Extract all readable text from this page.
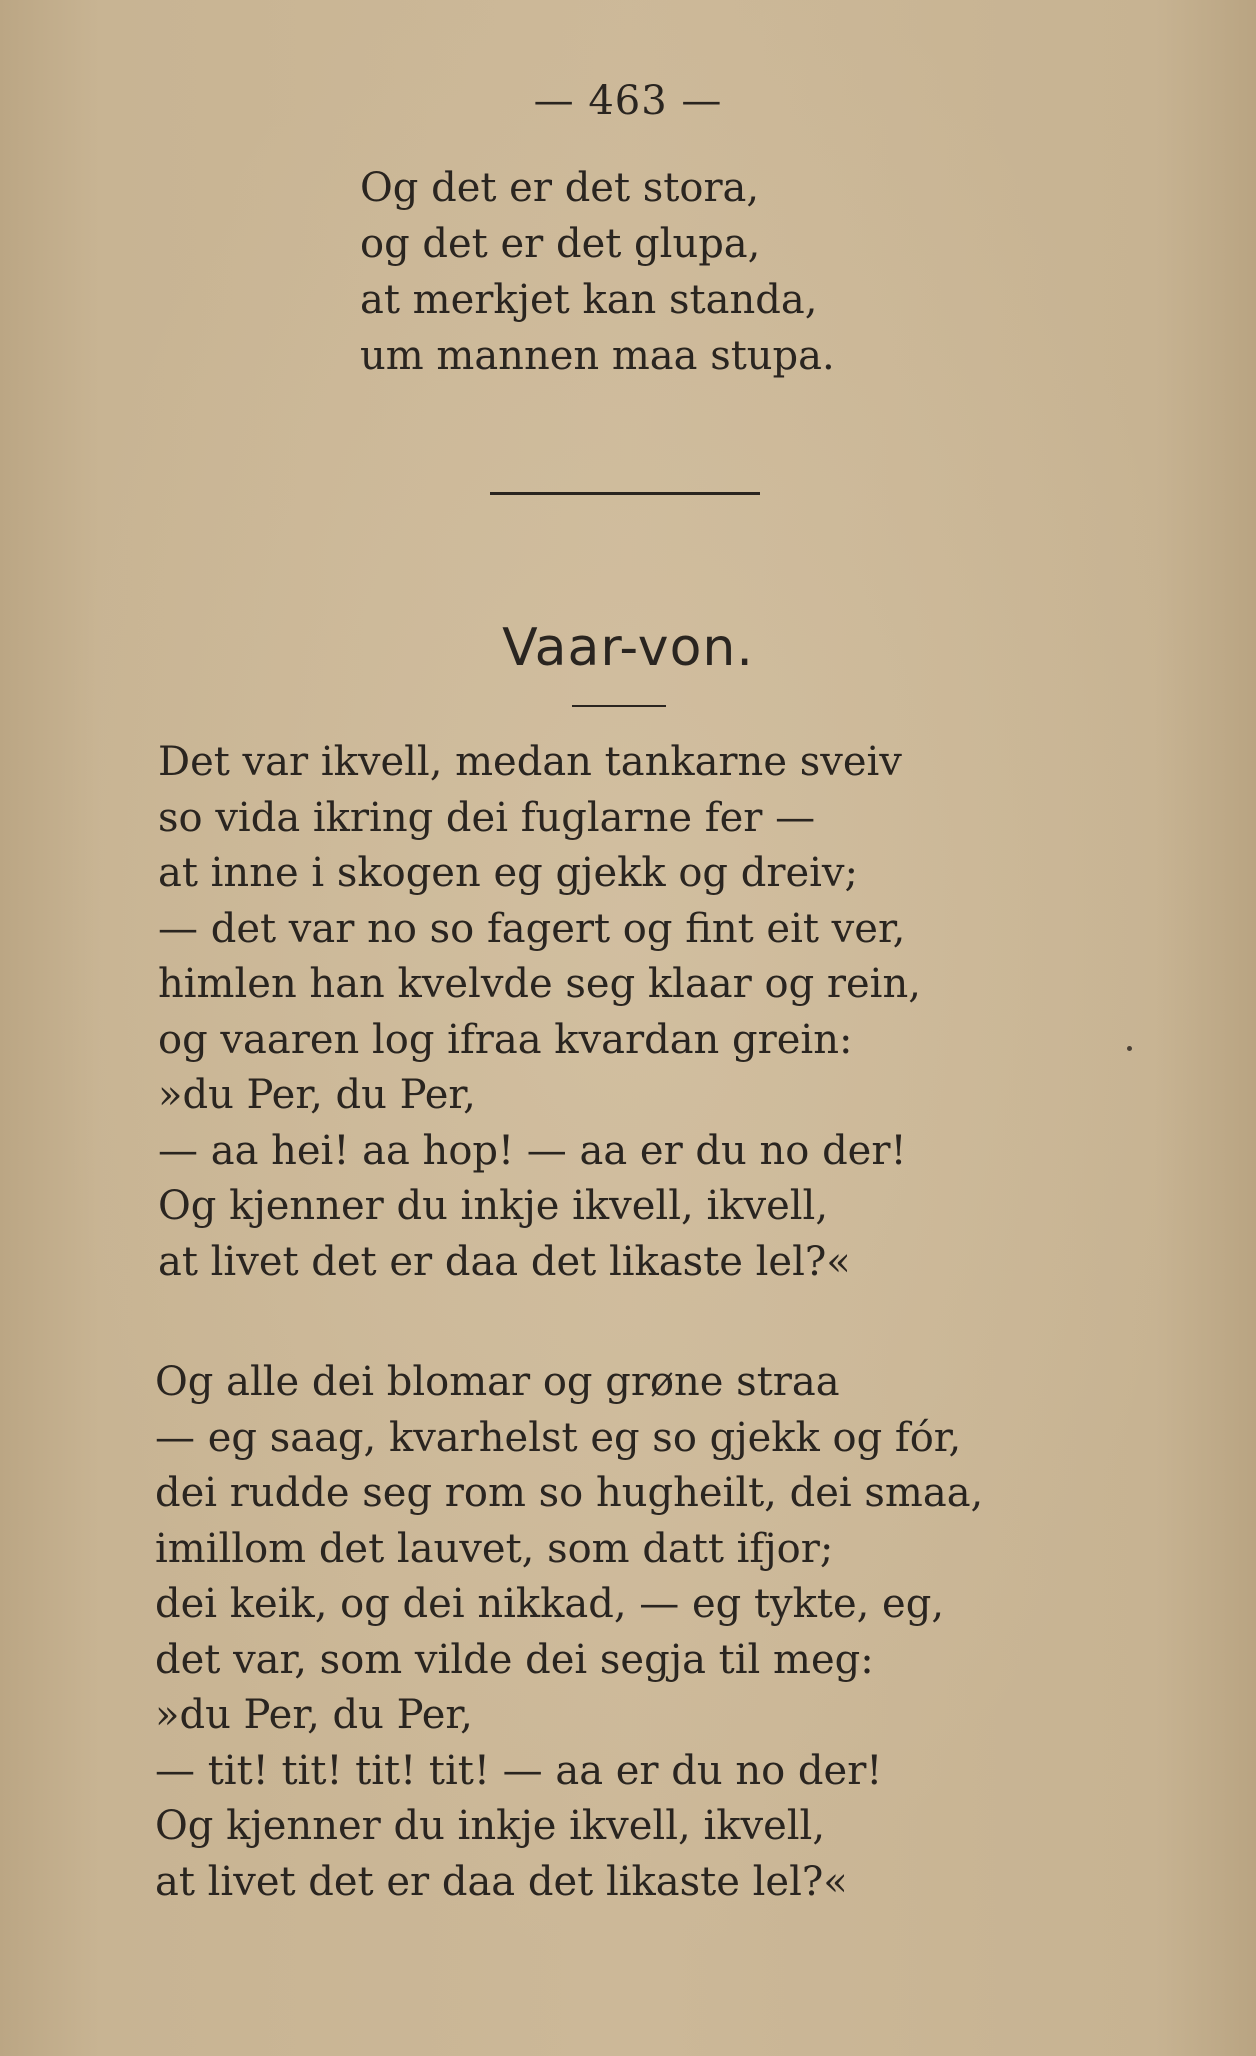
— 463 —
Og det er det stora,
og det er det glupa,
at merkjet kan standa,
um mannen maa stupa.
Vaar-von.
Det var ikvell, medan tankarne sveiv
so vida ikring dei fuglarne fer —
at inne i skogen eg gjekk og dreiv;
— det var no so fagert og fint eit ver,
himlen han kvelvde seg klaar og rein,
og vaaren log ifraa kvardan grein:
»du Per, du Per,
— aa hei! aa hop! — aa er du no der!
Og kjenner du inkje ikvell, ikvell,
at livet det er daa det likaste lel?«
Og alle dei blomar og grøne straa
— eg saag, kvarhelst eg so gjekk og fór,
dei rudde seg rom so hugheilt, dei smaa,
imillom det lauvet, som datt ifjor;
dei keik, og dei nikkad, — eg tykte, eg,
det var, som vilde dei segja til meg:
»du Per, du Per,
— tit! tit! tit! tit! — aa er du no der!
Og kjenner du inkje ikvell, ikvell,
at livet det er daa det likaste lel?«
